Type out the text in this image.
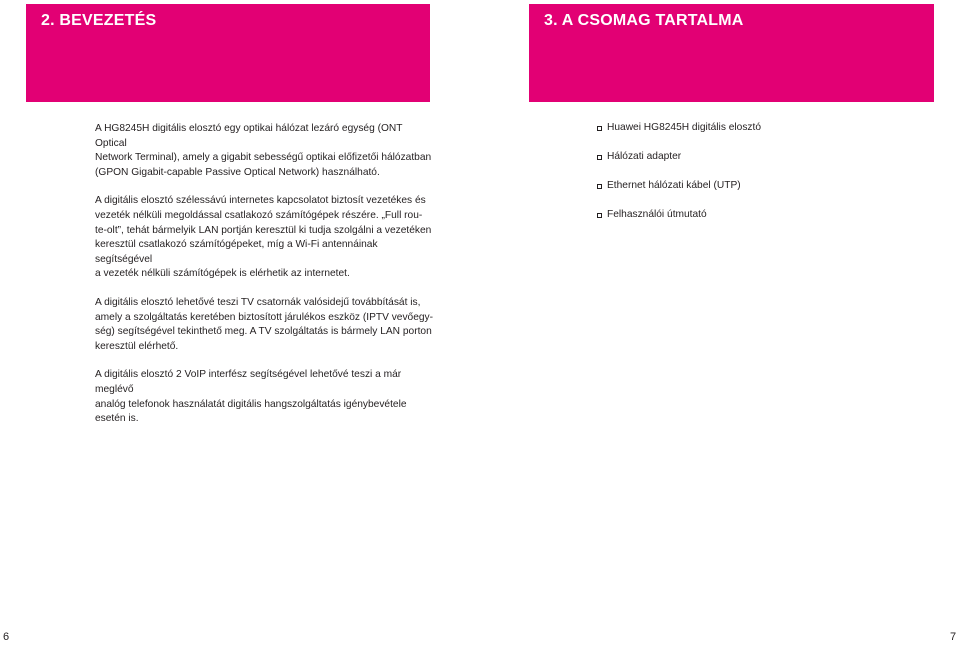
2. BEVEZETÉS	3. A CSOMAG TARTALMA

A HG8245H digitális elosztó egy optikai hálózat lezáró egység (ONT Optical
Network Terminal), amely a gigabit sebességű optikai előfizetői hálózatban
(GPON Gigabit-capable Passive Optical Network) használható.

A digitális elosztó szélessávú internetes kapcsolatot biztosít vezetékes és
vezeték nélküli megoldással csatlakozó számítógépek részére. „Full rou-
te-olt”, tehát bármelyik LAN portján keresztül ki tudja szolgálni a vezetéken
keresztül csatlakozó számítógépeket, míg a Wi-Fi antennáinak segítségével
a vezeték nélküli számítógépek is elérhetik az internetet.

A digitális elosztó lehetővé teszi TV csatornák valósidejű továbbítását is,
amely a szolgáltatás keretében biztosított járulékos eszköz (IPTV vevőegy-
ség) segítségével tekinthető meg. A TV szolgáltatás is bármely LAN porton
keresztül elérhető.

A digitális elosztó 2 VoIP interfész segítségével lehetővé teszi a már meglévő
analóg telefonok használatát digitális hangszolgáltatás igénybevétele esetén is.

Huawei HG8245H digitális elosztó
Hálózati adapter
Ethernet hálózati kábel (UTP)
Felhasználói útmutató
6	7
